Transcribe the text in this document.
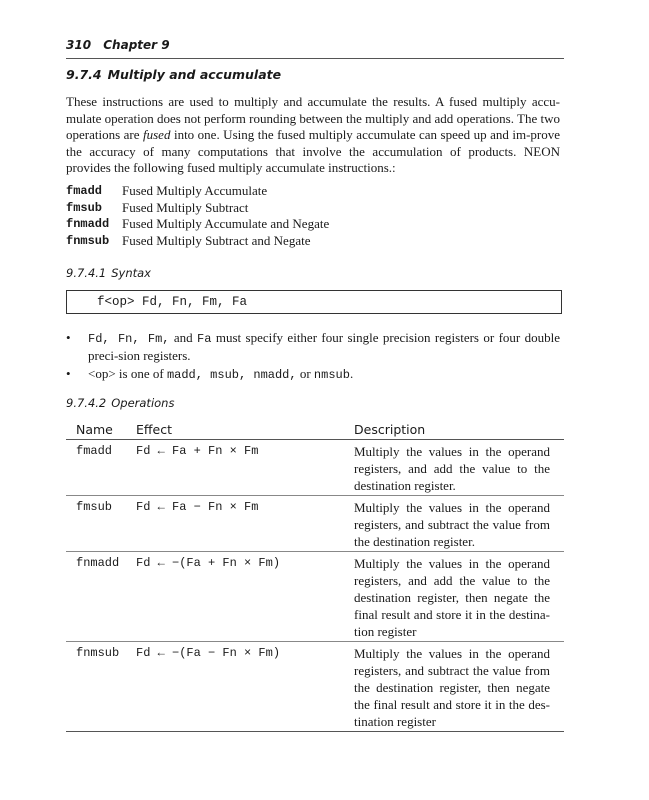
310 Chapter 9
9.7.4 Multiply and accumulate

These instructions are used to multiply and accumulate the results. A fused multiply accu-mulate operation does not perform rounding between the multiply and add operations. The two operations are fused into one. Using the fused multiply accumulate can speed up and im-prove the accuracy of many computations that involve the accumulation of products. NEON provides the following fused multiply accumulate instructions.:

fmadd	Fused Multiply Accumulate
fmsub	Fused Multiply Subtract
fnmadd Fused Multiply Accumulate and Negate
fnmsub Fused Multiply Subtract and Negate
9.7.4.1 Syntax
f<op> Fd, Fn, Fm, Fa
• Fd, Fn, Fm, and Fa must specify either four single precision registers or four double preci-sion registers.
• <op> is one of madd, msub, nmadd, or nmsub.
9.7.4.2 Operations
Name	Effect	Description
fmadd	Fd ← Fa + Fn × Fm	Multiply the values in the operand registers, and add the value to the destination register.
fmsub	Fd ← Fa − Fn × Fm	Multiply the values in the operand registers, and subtract the value from the destination register.
fnmadd	Fd ← −(Fa + Fn × Fm)	Multiply the values in the operand registers, and add the value to the destination register, then negate the final result and store it in the destina-tion register
fnmsub	Fd ← −(Fa − Fn × Fm)	Multiply the values in the operand registers, and subtract the value from the destination register, then negate the final result and store it in the des-tination register
